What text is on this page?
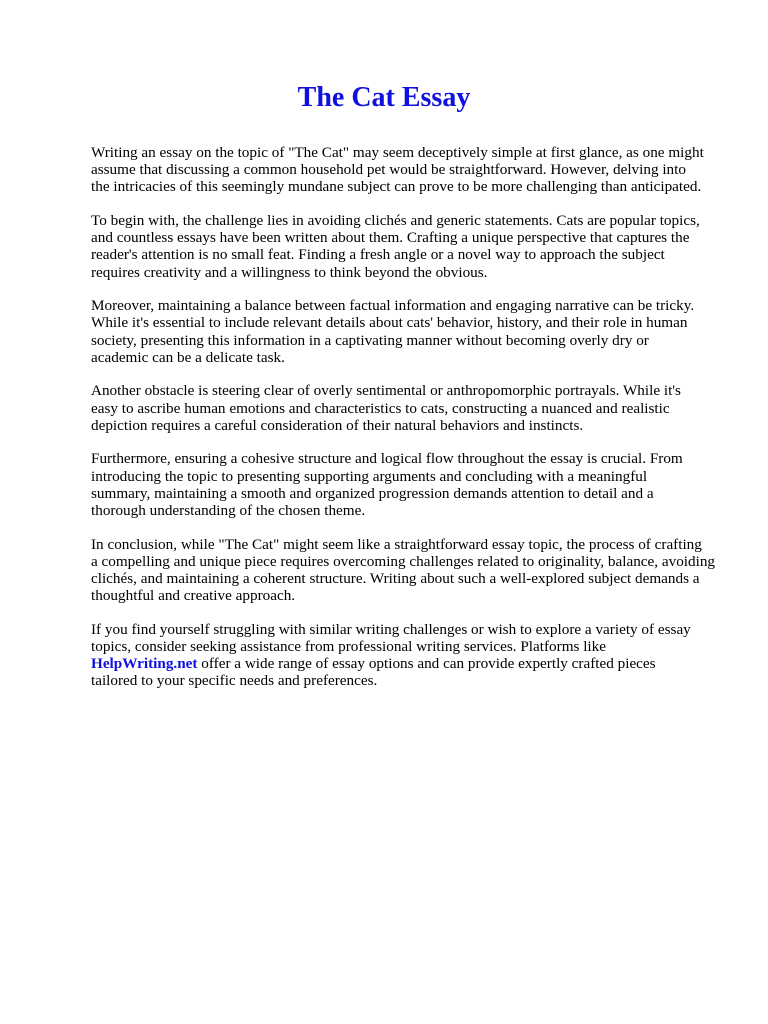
The Cat Essay

Writing an essay on the topic of "The Cat" may seem deceptively simple at first glance, as one might
assume that discussing a common household pet would be straightforward. However, delving into
the intricacies of this seemingly mundane subject can prove to be more challenging than anticipated.

To begin with, the challenge lies in avoiding clichés and generic statements. Cats are popular topics,
and countless essays have been written about them. Crafting a unique perspective that captures the
reader's attention is no small feat. Finding a fresh angle or a novel way to approach the subject
requires creativity and a willingness to think beyond the obvious.

Moreover, maintaining a balance between factual information and engaging narrative can be tricky.
While it's essential to include relevant details about cats' behavior, history, and their role in human
society, presenting this information in a captivating manner without becoming overly dry or
academic can be a delicate task.

Another obstacle is steering clear of overly sentimental or anthropomorphic portrayals. While it's
easy to ascribe human emotions and characteristics to cats, constructing a nuanced and realistic
depiction requires a careful consideration of their natural behaviors and instincts.

Furthermore, ensuring a cohesive structure and logical flow throughout the essay is crucial. From
introducing the topic to presenting supporting arguments and concluding with a meaningful
summary, maintaining a smooth and organized progression demands attention to detail and a
thorough understanding of the chosen theme.

In conclusion, while "The Cat" might seem like a straightforward essay topic, the process of crafting
a compelling and unique piece requires overcoming challenges related to originality, balance, avoiding
clichés, and maintaining a coherent structure. Writing about such a well-explored subject demands a
thoughtful and creative approach.

If you find yourself struggling with similar writing challenges or wish to explore a variety of essay
topics, consider seeking assistance from professional writing services. Platforms like
HelpWriting.net offer a wide range of essay options and can provide expertly crafted pieces
tailored to your specific needs and preferences.
